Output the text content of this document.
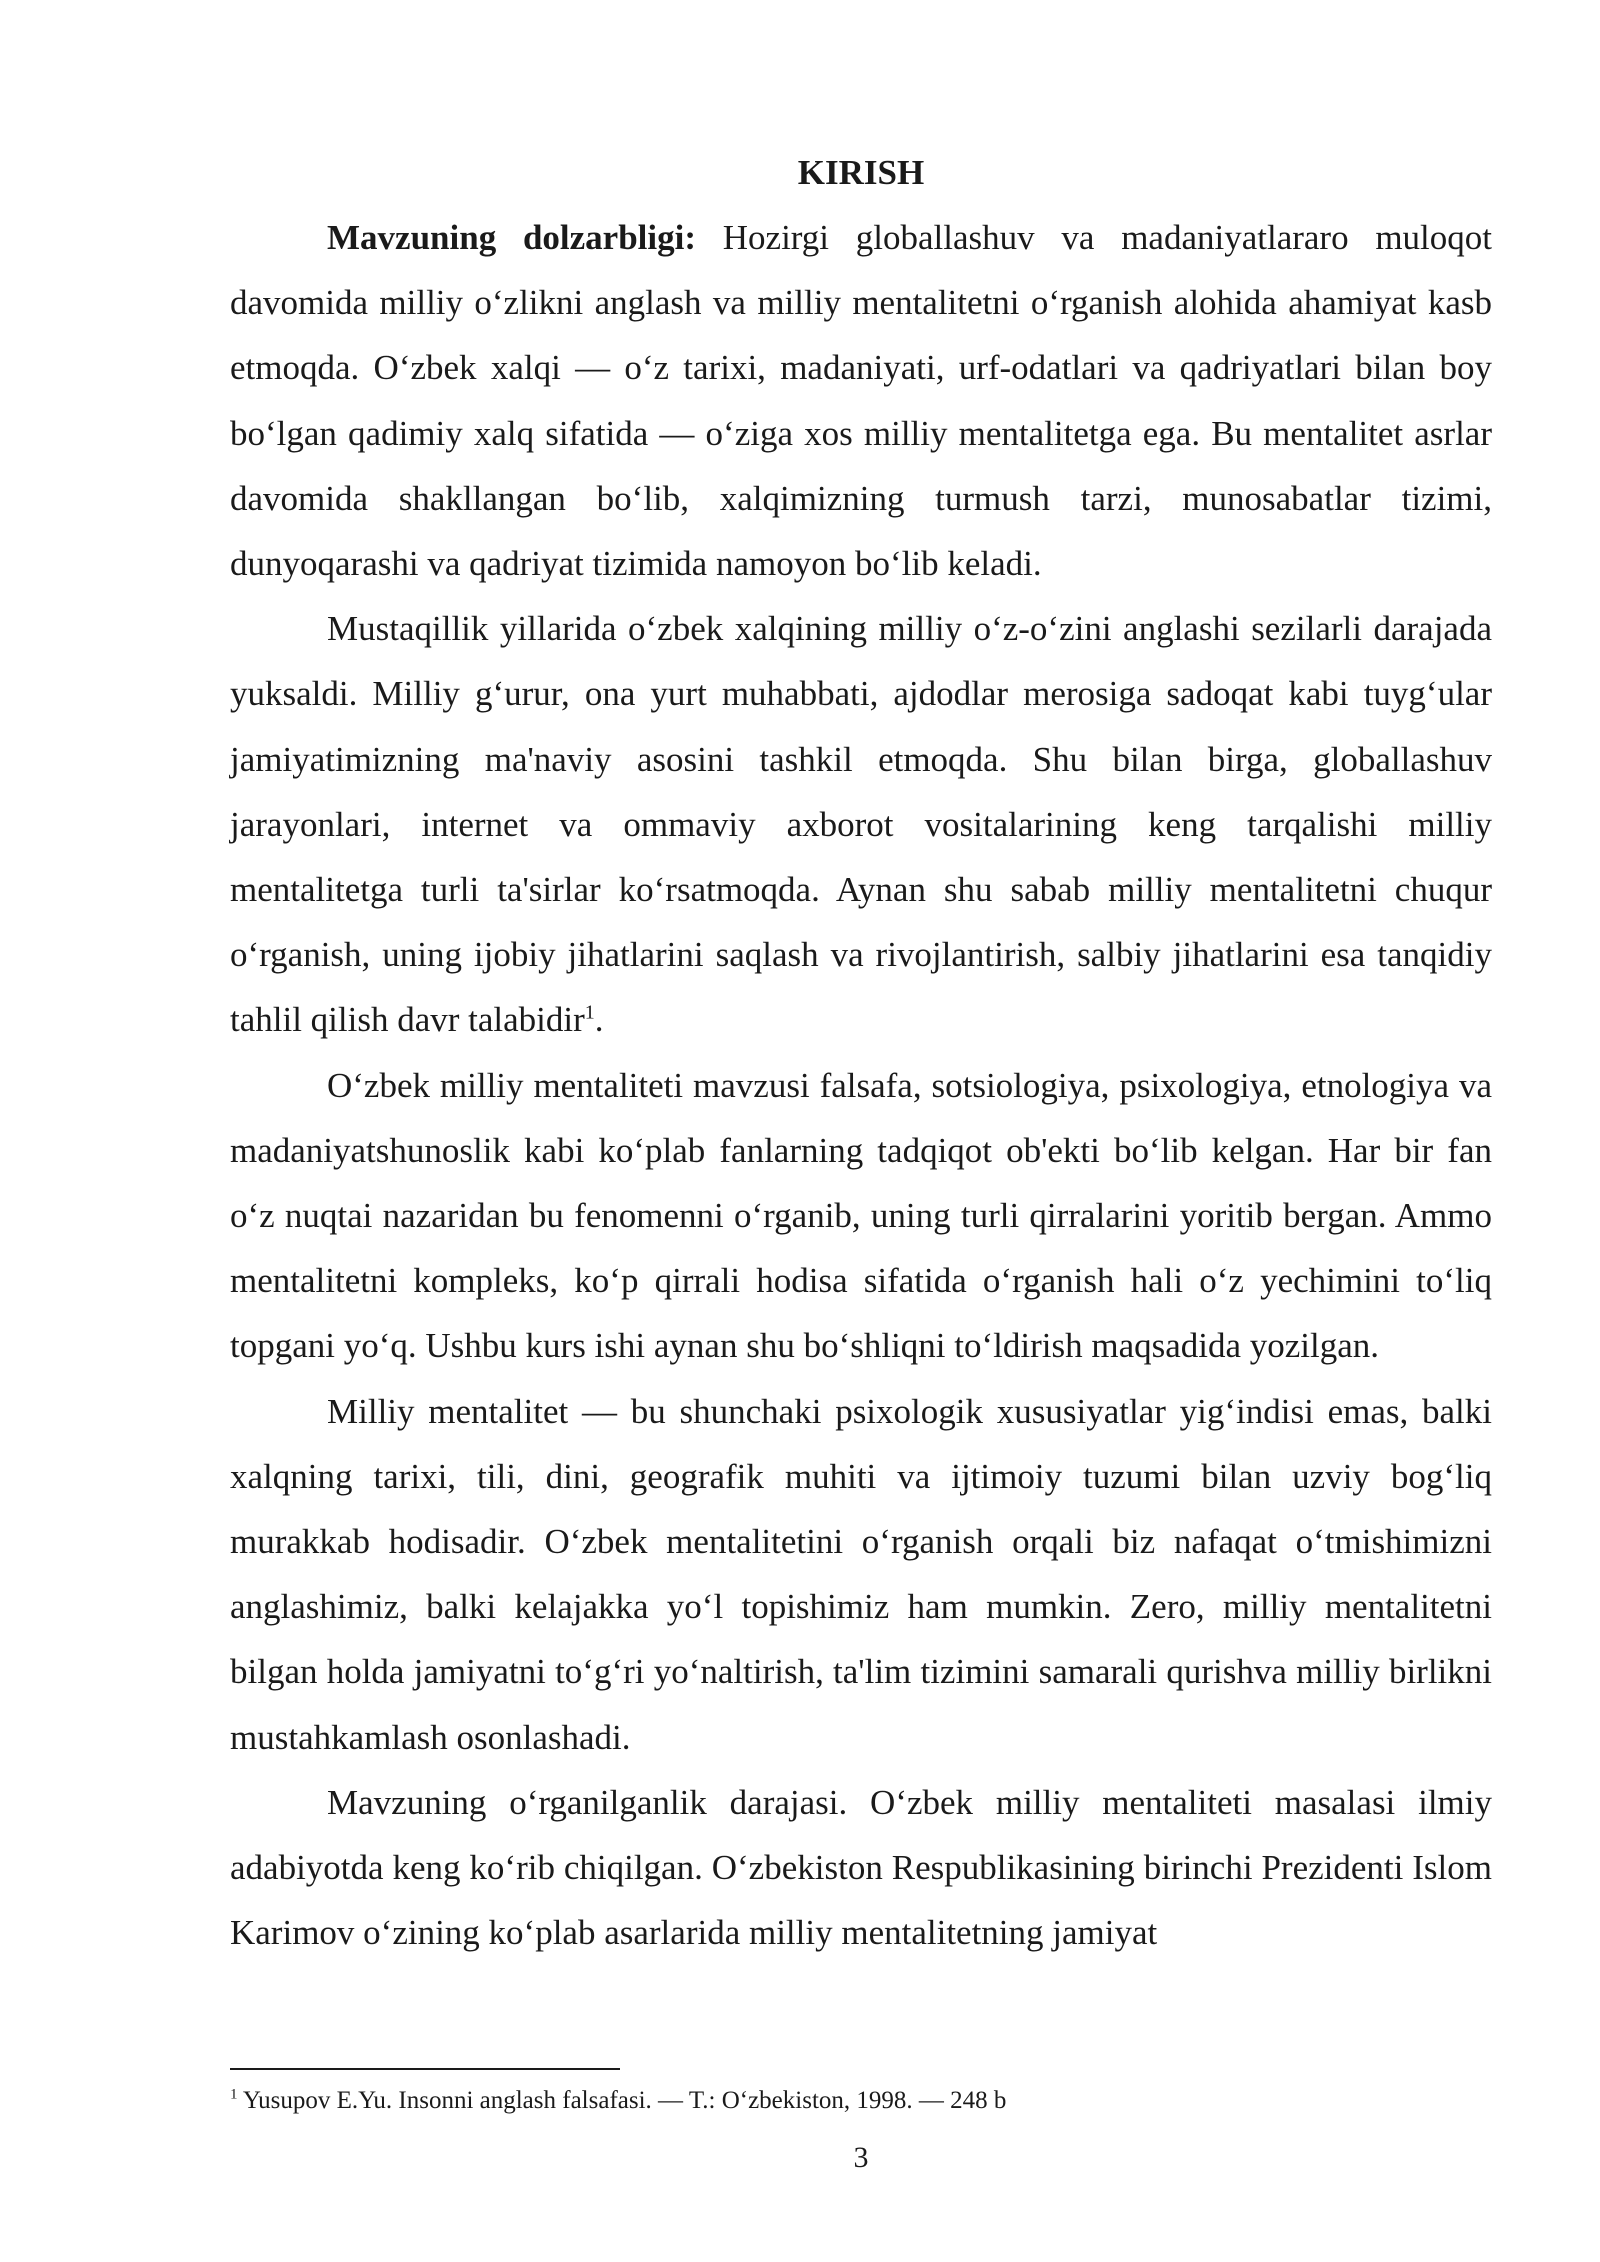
KIRISH

Mavzuning dolzarbligi: Hozirgi globallashuv va madaniyatlararo muloqot davomida milliy o‘zlikni anglash va milliy mentalitetni o‘rganish alohida ahamiyat kasb etmoqda. O‘zbek xalqi — o‘z tarixi, madaniyati, urf-odatlari va qadriyatlari bilan boy bo‘lgan qadimiy xalq sifatida — o‘ziga xos milliy mentalitetga ega. Bu mentalitet asrlar davomida shakllangan bo‘lib, xalqimizning turmush tarzi, munosabatlar tizimi, dunyoqarashi va qadriyat tizimida namoyon bo‘lib keladi.

Mustaqillik yillarida o‘zbek xalqining milliy o‘z-o‘zini anglashi sezilarli darajada yuksaldi. Milliy g‘urur, ona yurt muhabbati, ajdodlar merosiga sadoqat kabi tuyg‘ular jamiyatimizning ma'naviy asosini tashkil etmoqda. Shu bilan birga, globallashuv jarayonlari, internet va ommaviy axborot vositalarining keng tarqalishi milliy mentalitetga turli ta'sirlar ko‘rsatmoqda. Aynan shu sabab milliy mentalitetni chuqur o‘rganish, uning ijobiy jihatlarini saqlash va rivojlantirish, salbiy jihatlarini esa tanqidiy tahlil qilish davr talabidir$^1$.

O‘zbek milliy mentaliteti mavzusi falsafa, sotsiologiya, psixologiya, etnologiya va madaniyatshunoslik kabi ko‘plab fanlarning tadqiqot ob'ekti bo‘lib kelgan. Har bir fan o‘z nuqtai nazaridan bu fenomenni o‘rganib, uning turli qirralarini yoritib bergan. Ammo mentalitetni kompleks, ko‘p qirrali hodisa sifatida o‘rganish hali o‘z yechimini to‘liq topgani yo‘q. Ushbu kurs ishi aynan shu bo‘shliqni to‘ldirish maqsadida yozilgan.

Milliy mentalitet — bu shunchaki psixologik xususiyatlar yig‘indisi emas, balki xalqning tarixi, tili, dini, geografik muhiti va ijtimoiy tuzumi bilan uzviy bog‘liq murakkab hodisadir. O‘zbek mentalitetini o‘rganish orqali biz nafaqat o‘tmishimizni anglashimiz, balki kelajakka yo‘l topishimiz ham mumkin. Zero, milliy mentalitetni bilgan holda jamiyatni to‘g‘ri yo‘naltirish, ta'lim tizimini samarali qurishva milliy birlikni mustahkamlash osonlashadi.

Mavzuning o‘rganilganlik darajasi. O‘zbek milliy mentaliteti masalasi ilmiy adabiyotda keng ko‘rib chiqilgan. O‘zbekiston Respublikasining birinchi Prezidenti Islom Karimov o‘zining ko‘plab asarlarida milliy mentalitetning jamiyat

$^1$ Yusupov E.Yu. Insonni anglash falsafasi. — T.: O‘zbekiston, 1998. — 248 b

3
